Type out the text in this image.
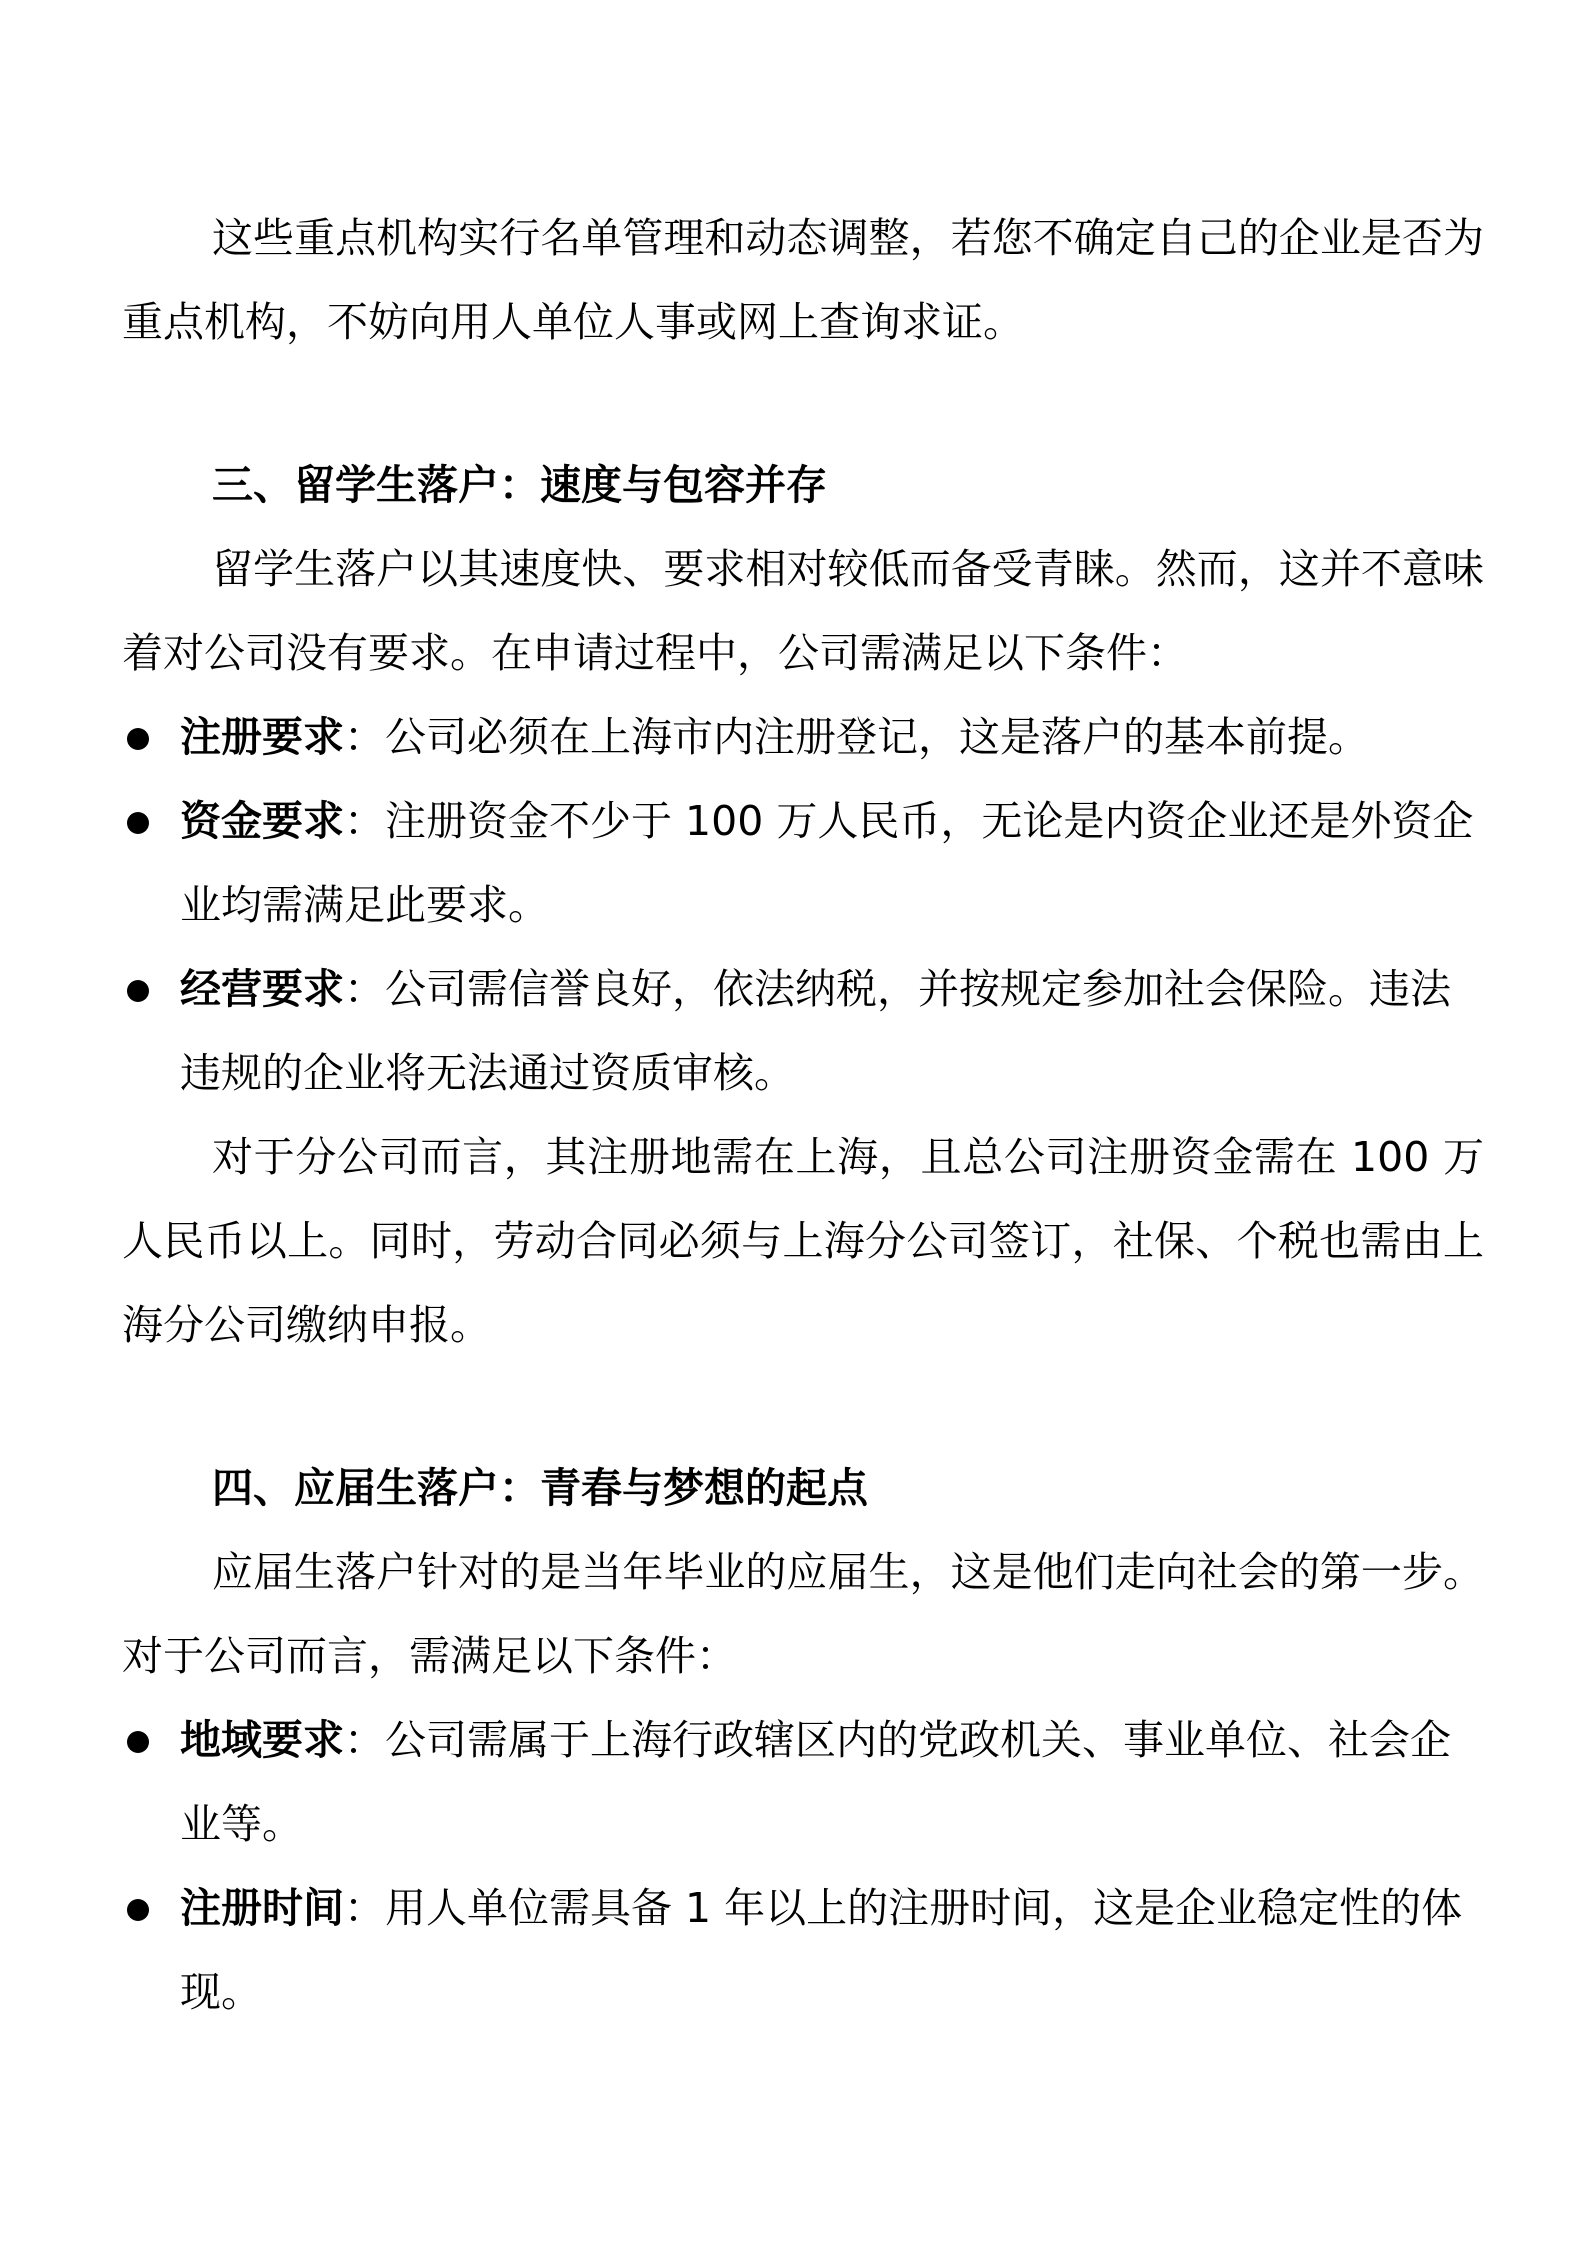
这些重点机构实行名单管理和动态调整，若您不确定自己的企业是否为重点机构，不妨向用人单位人事或网上查询求证。

三、留学生落户：速度与包容并存

留学生落户以其速度快、要求相对较低而备受青睐。然而，这并不意味着对公司没有要求。在申请过程中，公司需满足以下条件：

注册要求：公司必须在上海市内注册登记，这是落户的基本前提。
资金要求：注册资金不少于 100 万人民币，无论是内资企业还是外资企业均需满足此要求。
经营要求：公司需信誉良好，依法纳税，并按规定参加社会保险。违法违规的企业将无法通过资质审核。

对于分公司而言，其注册地需在上海，且总公司注册资金需在 100 万人民币以上。同时，劳动合同必须与上海分公司签订，社保、个税也需由上海分公司缴纳申报。

四、应届生落户：青春与梦想的起点

应届生落户针对的是当年毕业的应届生，这是他们走向社会的第一步。对于公司而言，需满足以下条件：

地域要求：公司需属于上海行政辖区内的党政机关、事业单位、社会企业等。
注册时间：用人单位需具备 1 年以上的注册时间，这是企业稳定性的体现。
